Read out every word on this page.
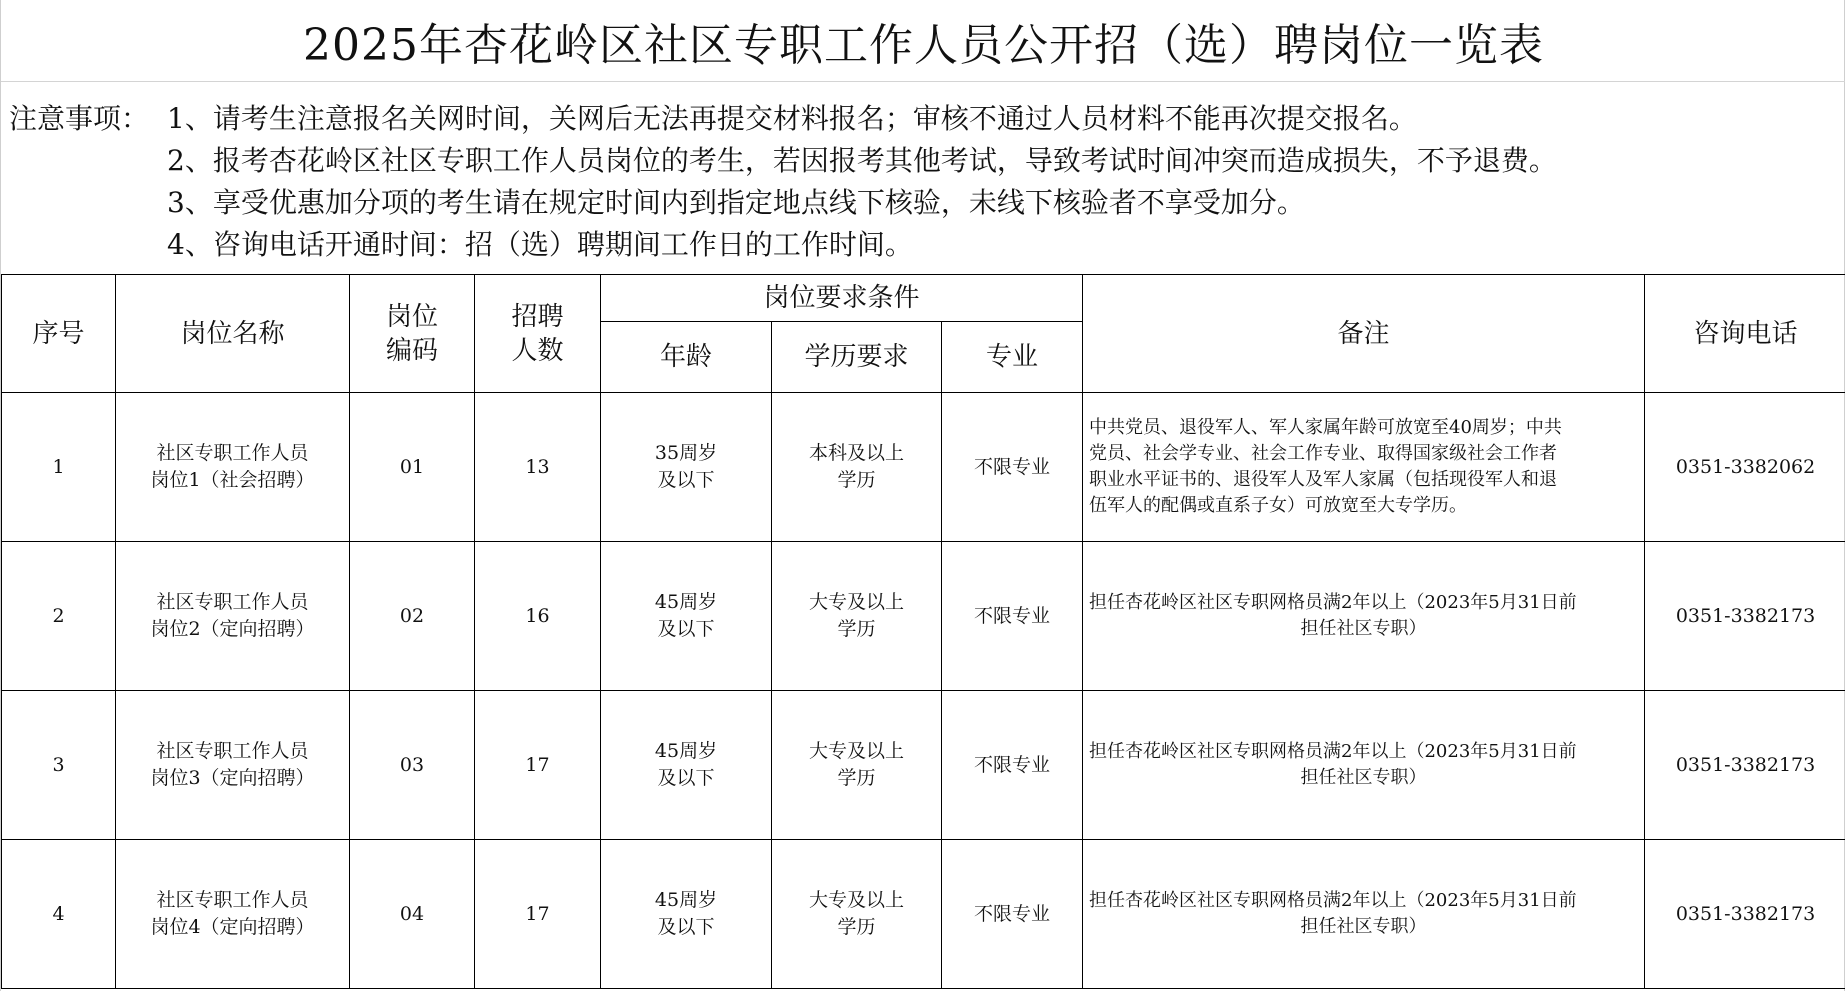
2025年杏花岭区社区专职工作人员公开招（选）聘岗位一览表
注意事项： 1、请考生注意报名关网时间，关网后无法再提交材料报名；审核不通过人员材料不能再次提交报名。
2、报考杏花岭区社区专职工作人员岗位的考生，若因报考其他考试，导致考试时间冲突而造成损失，不予退费。
3、享受优惠加分项的考生请在规定时间内到指定地点线下核验，未线下核验者不享受加分。
4、咨询电话开通时间：招（选）聘期间工作日的工作时间。
序号	岗位名称	岗位
编码	招聘
人数	岗位要求条件			备注	咨询电话
				年龄	学历要求	专业		
1	社区专职工作人员
岗位1（社会招聘）	01	13	35周岁
及以下	本科及以上
学历	不限专业	中共党员、退役军人、军人家属年龄可放宽至40周岁；中共
党员、社会学专业、社会工作专业、取得国家级社会工作者
职业水平证书的、退役军人及军人家属（包括现役军人和退
伍军人的配偶或直系子女）可放宽至大专学历。	0351-3382062
2	社区专职工作人员
岗位2（定向招聘）	02	16	45周岁
及以下	大专及以上
学历	不限专业	担任杏花岭区社区专职网格员满2年以上（2023年5月31日前
担任社区专职）	0351-3382173
3	社区专职工作人员
岗位3（定向招聘）	03	17	45周岁
及以下	大专及以上
学历	不限专业	担任杏花岭区社区专职网格员满2年以上（2023年5月31日前
担任社区专职）	0351-3382173
4	社区专职工作人员
岗位4（定向招聘）	04	17	45周岁
及以下	大专及以上
学历	不限专业	担任杏花岭区社区专职网格员满2年以上（2023年5月31日前
担任社区专职）	0351-3382173
